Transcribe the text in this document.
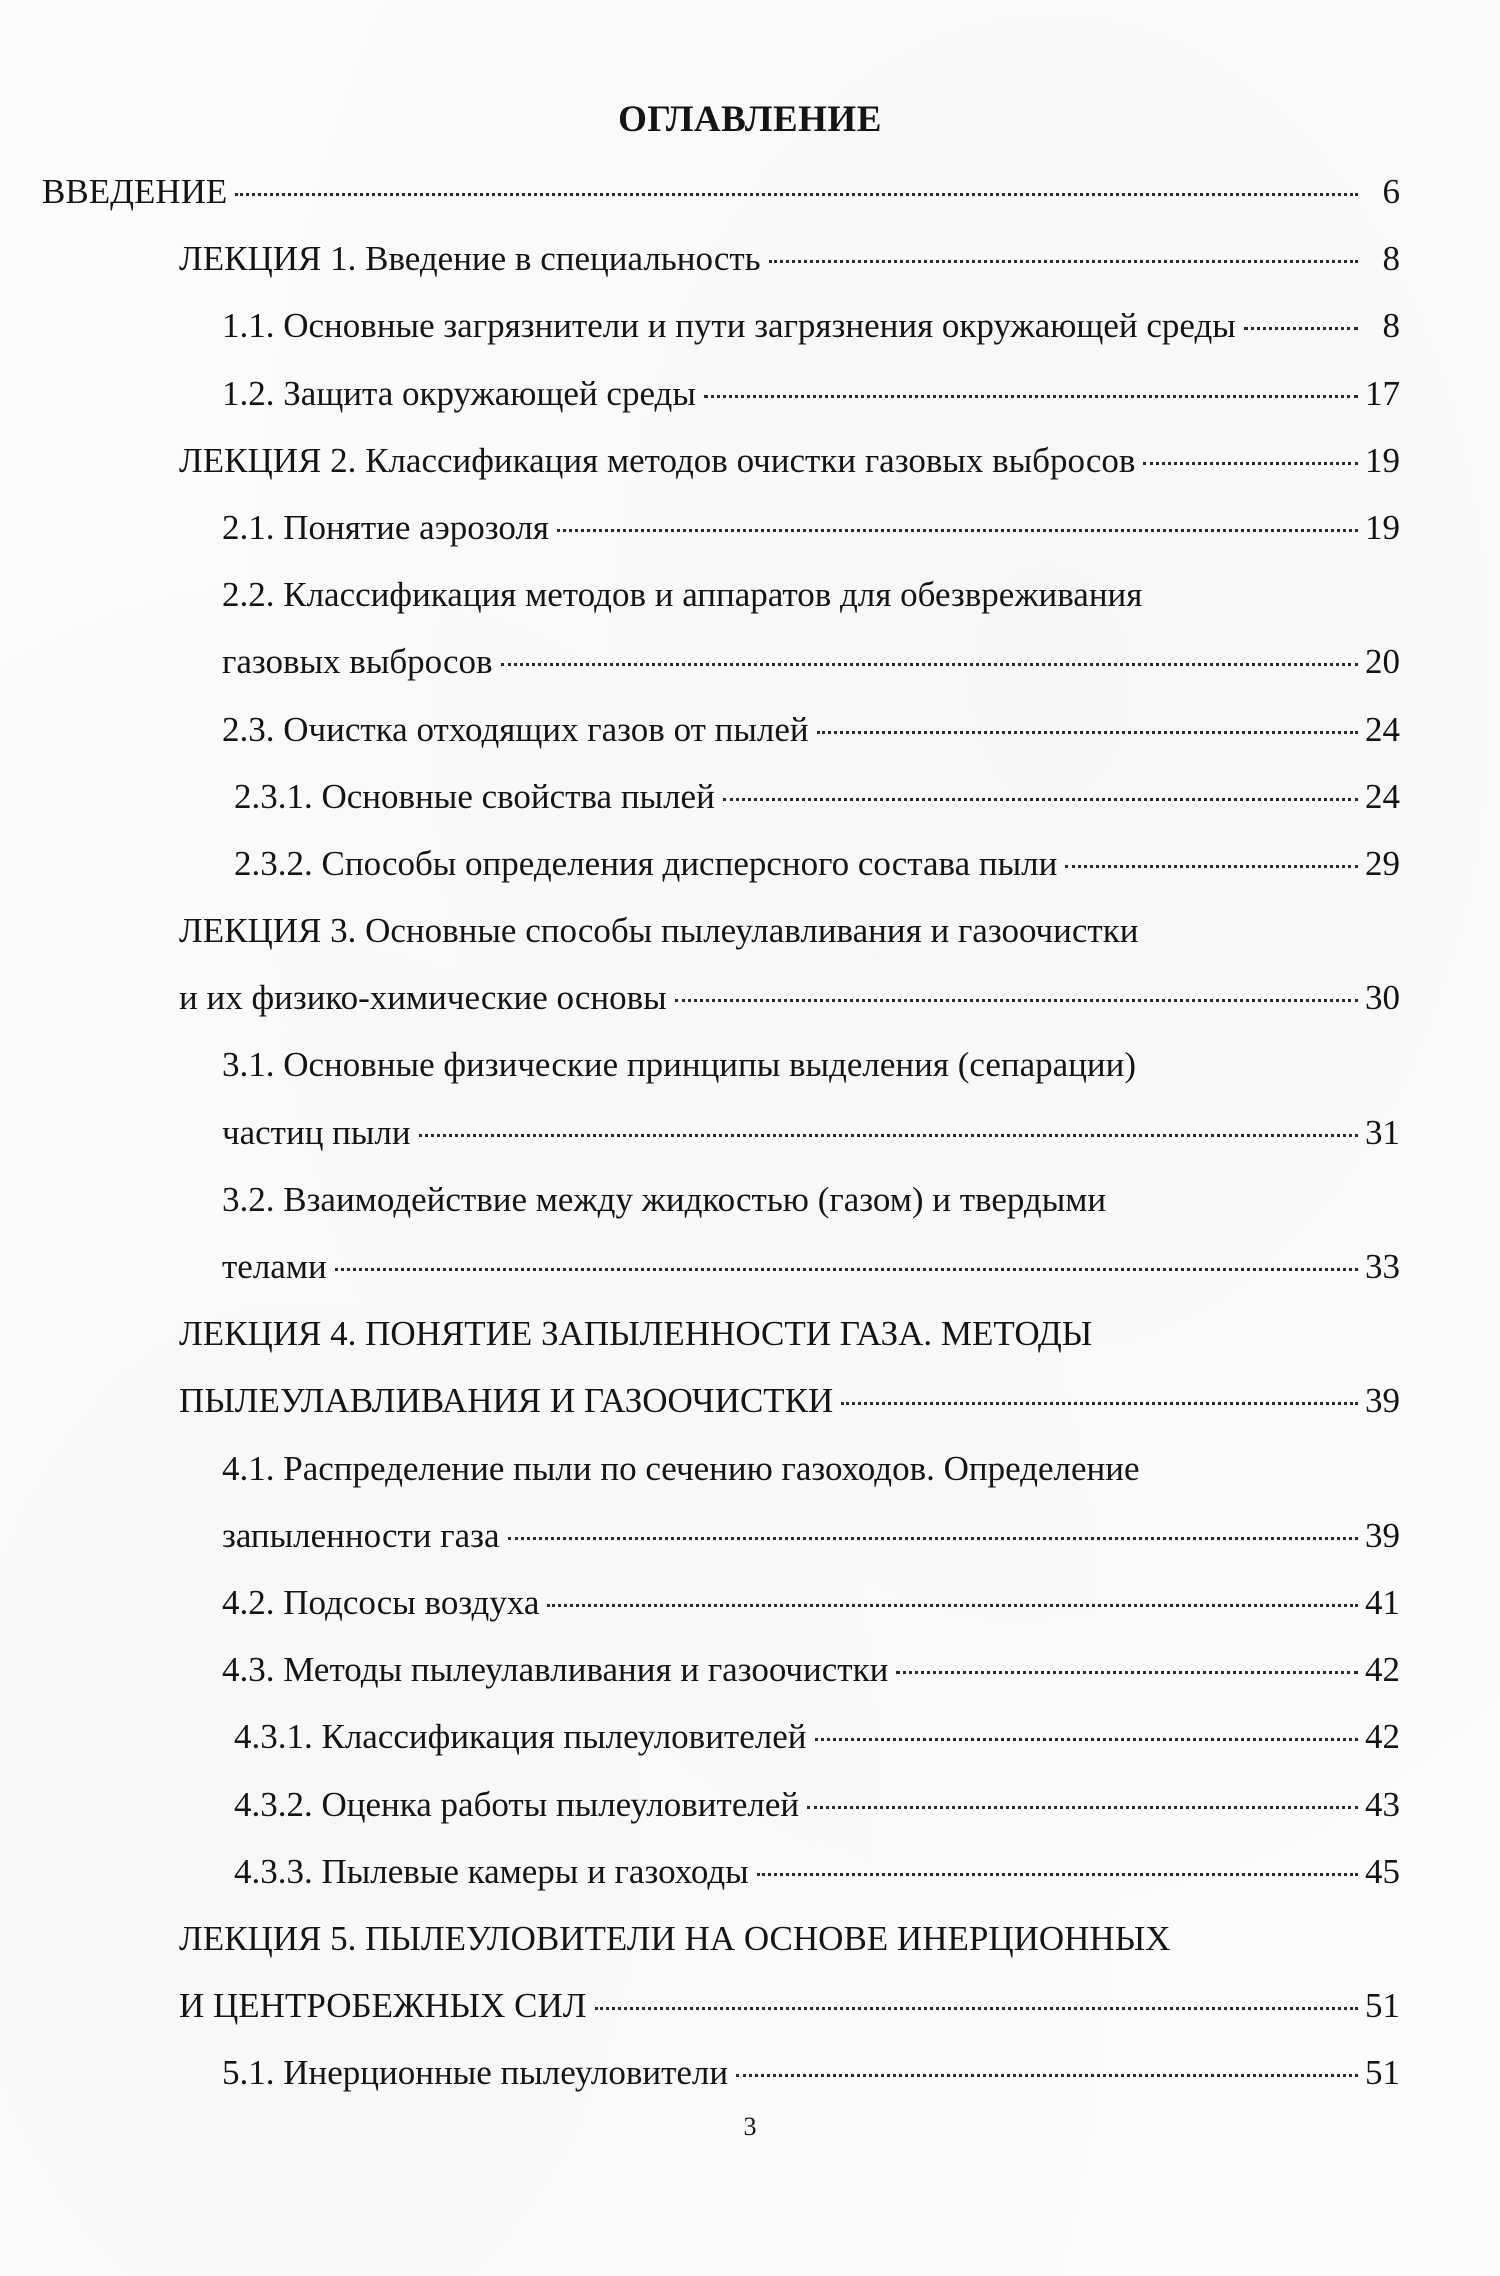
ОГЛАВЛЕНИЕ
ВВЕДЕНИЕ	6
ЛЕКЦИЯ 1. Введение в специальность	8
1.1. Основные загрязнители и пути загрязнения окружающей среды	8
1.2. Защита окружающей среды	17
ЛЕКЦИЯ 2. Классификация методов очистки газовых выбросов	19
2.1. Понятие аэрозоля	19
2.2. Классификация методов и аппаратов для обезвреживания
газовых выбросов	20
2.3. Очистка отходящих газов от пылей	24
2.3.1. Основные свойства пылей	24
2.3.2. Способы определения дисперсного состава пыли	29
ЛЕКЦИЯ 3. Основные способы пылеулавливания и газоочистки
и их физико-химические основы	30
3.1. Основные физические принципы выделения (сепарации)
частиц пыли	31
3.2. Взаимодействие между жидкостью (газом) и твердыми
телами	33
ЛЕКЦИЯ 4. ПОНЯТИЕ ЗАПЫЛЕННОСТИ ГАЗА. МЕТОДЫ
ПЫЛЕУЛАВЛИВАНИЯ И ГАЗООЧИСТКИ	39
4.1. Распределение пыли по сечению газоходов. Определение
запыленности газа	39
4.2. Подсосы воздуха	41
4.3. Методы пылеулавливания и газоочистки	42
4.3.1. Классификация пылеуловителей	42
4.3.2. Оценка работы пылеуловителей	43
4.3.3. Пылевые камеры и газоходы	45
ЛЕКЦИЯ 5. ПЫЛЕУЛОВИТЕЛИ НА ОСНОВЕ ИНЕРЦИОННЫХ
И ЦЕНТРОБЕЖНЫХ СИЛ	51
5.1. Инерционные пылеуловители	51
3
